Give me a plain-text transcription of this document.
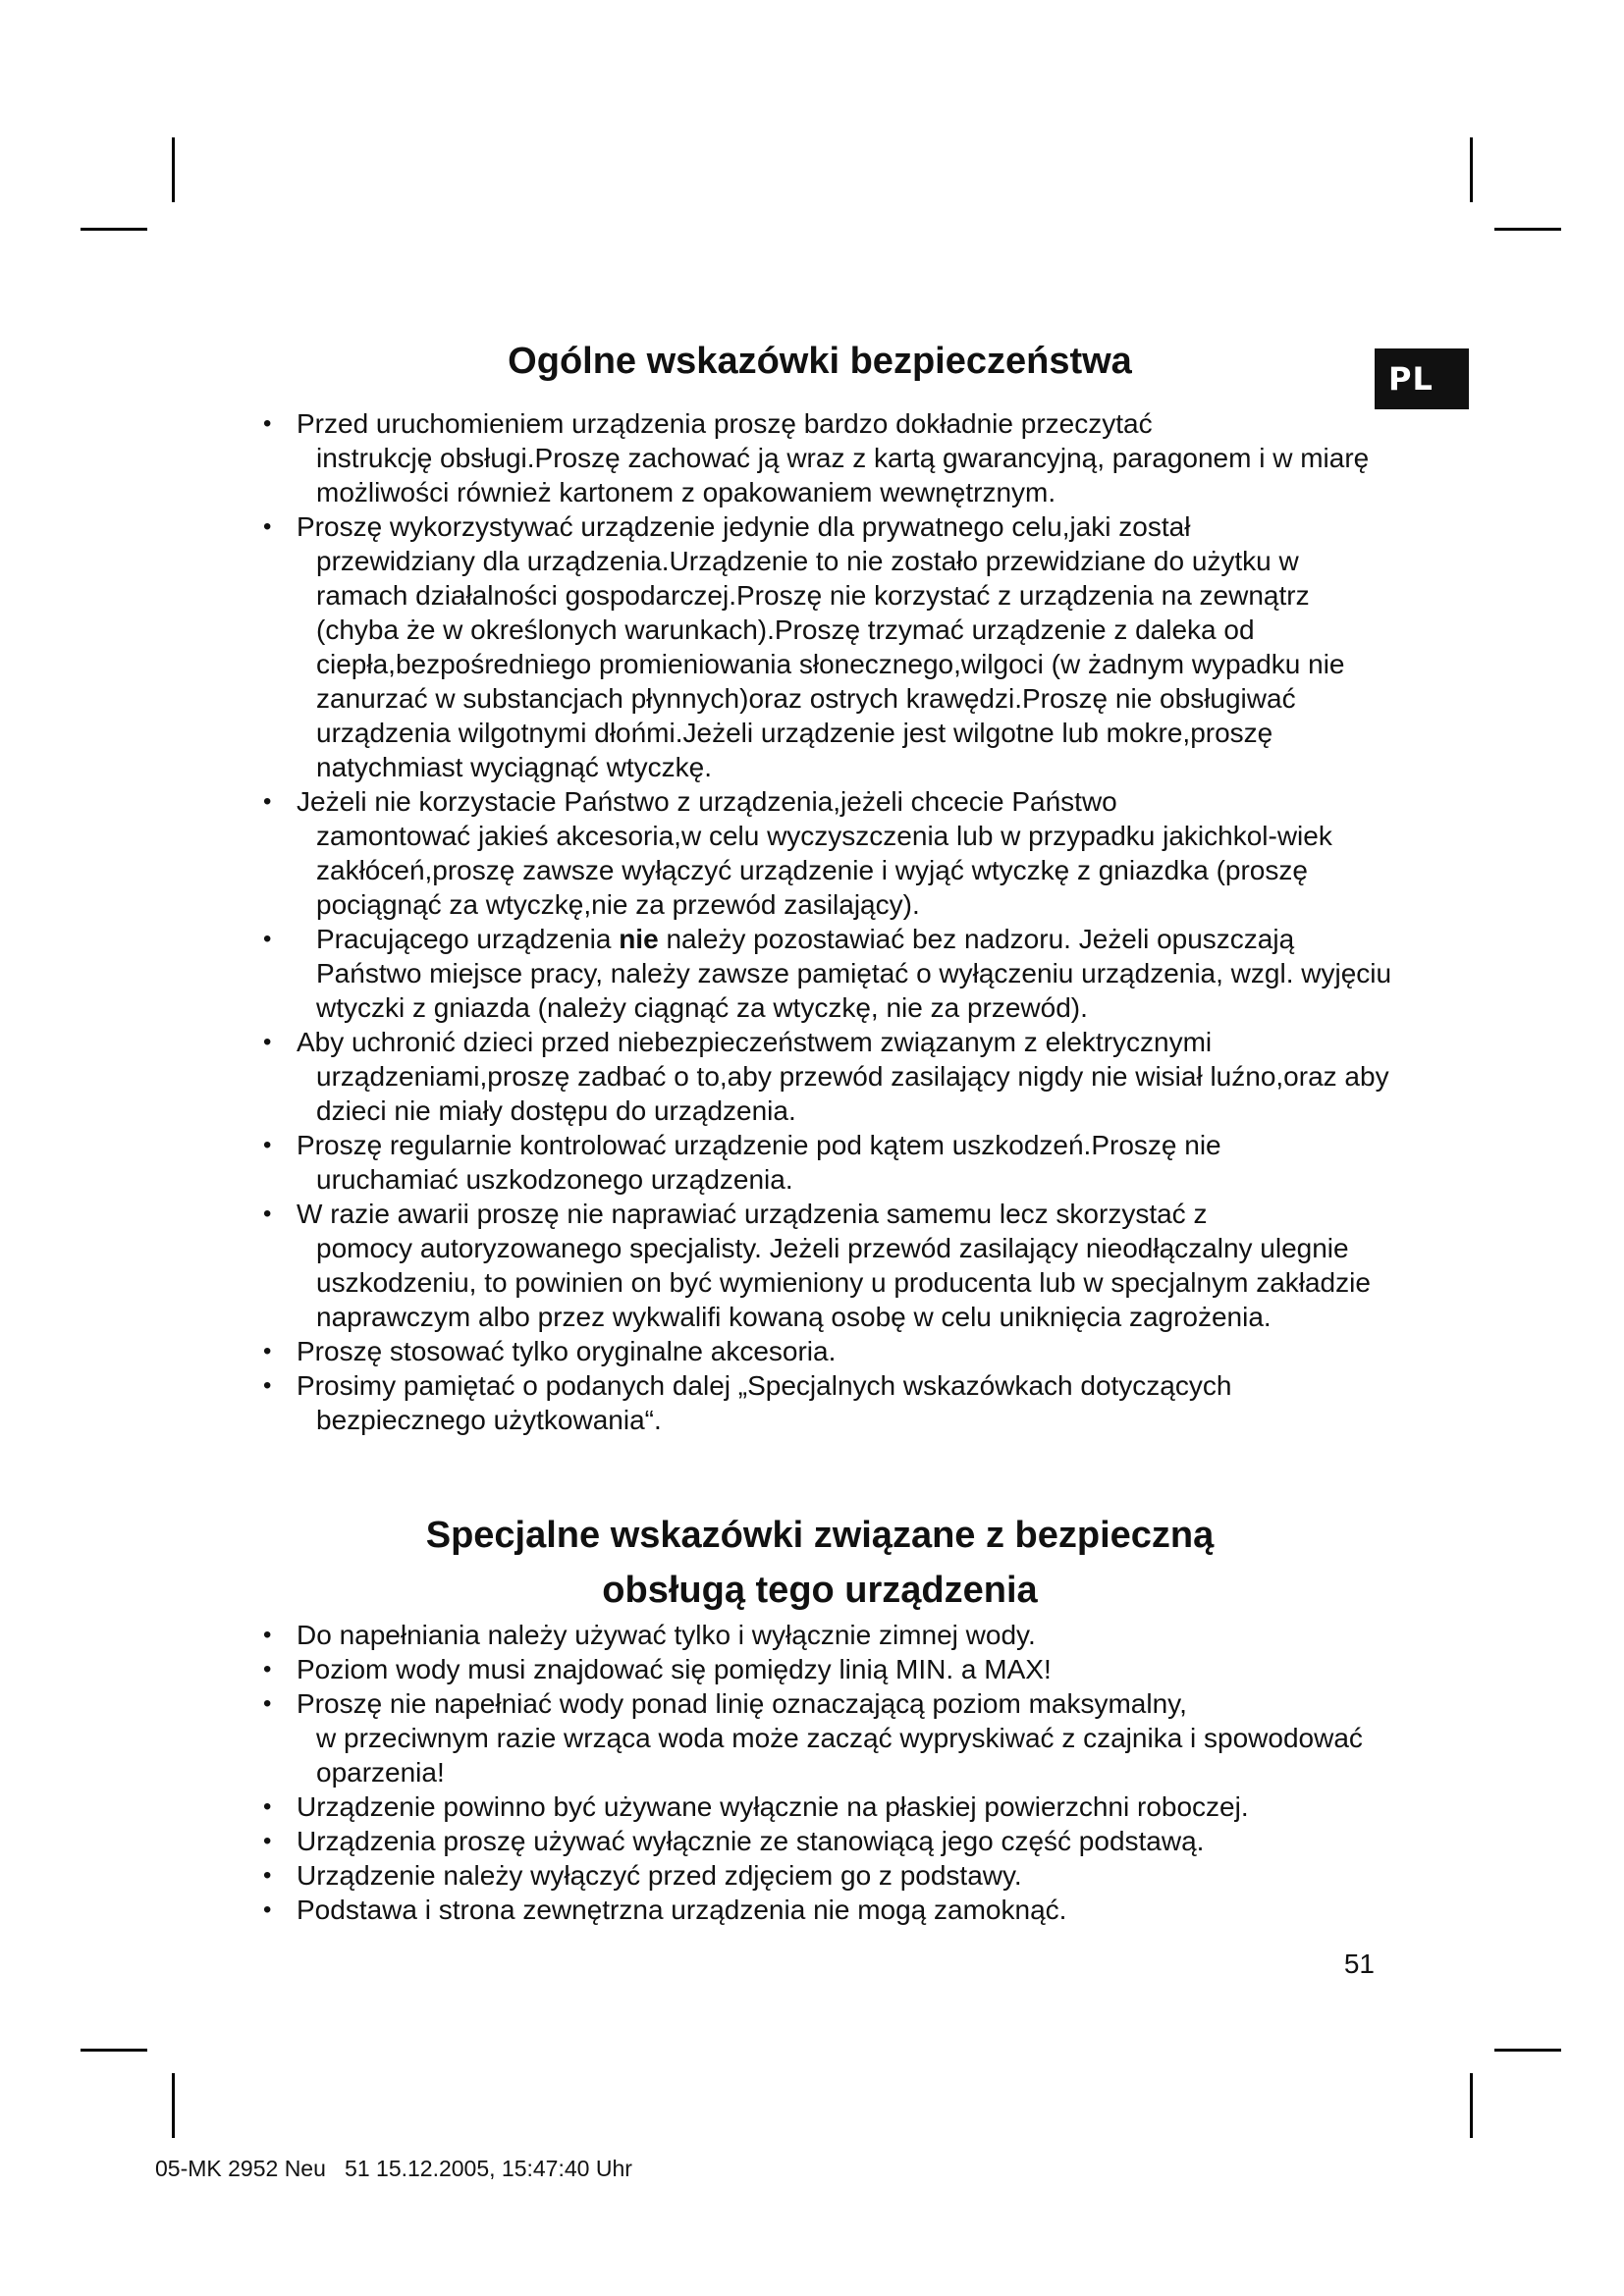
PL
Ogólne wskazówki bezpieczeństwa
• Przed uruchomieniem urządzenia proszę bardzo dokładnie przeczytać
instrukcję obsługi.Proszę zachować ją wraz z kartą gwarancyjną, paragonem i w miarę możliwości również kartonem z opakowaniem wewnętrznym.
• Proszę wykorzystywać urządzenie jedynie dla prywatnego celu,jaki został
przewidziany dla urządzenia.Urządzenie to nie zostało przewidziane do użytku w ramach działalności gospodarczej.Proszę nie korzystać z urządzenia na zewnątrz (chyba że w określonych warunkach).Proszę trzymać urządzenie z daleka od ciepła,bezpośredniego promieniowania słonecznego,wilgoci (w żadnym wypadku nie zanurzać w substancjach płynnych)oraz ostrych krawędzi.Proszę nie obsługiwać urządzenia wilgotnymi dłońmi.Jeżeli urządzenie jest wilgotne lub mokre,proszę natychmiast wyciągnąć wtyczkę.
• Jeżeli nie korzystacie Państwo z urządzenia,jeżeli chcecie Państwo
zamontować jakieś akcesoria,w celu wyczyszczenia lub w przypadku jakichkol-wiek zakłóceń,proszę zawsze wyłączyć urządzenie i wyjąć wtyczkę z gniazdka (proszę pociągnąć za wtyczkę,nie za przewód zasilający).
• Pracującego urządzenia nie należy pozostawiać bez nadzoru. Jeżeli opuszczają
Państwo miejsce pracy, należy zawsze pamiętać o wyłączeniu urządzenia, wzgl. wyjęciu wtyczki z gniazda (należy ciągnąć za wtyczkę, nie za przewód).
• Aby uchronić dzieci przed niebezpieczeństwem związanym z elektrycznymi
urządzeniami,proszę zadbać o to,aby przewód zasilający nigdy nie wisiał luźno,oraz aby dzieci nie miały dostępu do urządzenia.
• Proszę regularnie kontrolować urządzenie pod kątem uszkodzeń.Proszę nie
uruchamiać uszkodzonego urządzenia.
• W razie awarii proszę nie naprawiać urządzenia samemu lecz skorzystać z
pomocy autoryzowanego specjalisty. Jeżeli przewód zasilający nieodłączalny ulegnie uszkodzeniu, to powinien on być wymieniony u producenta lub w specjalnym zakładzie naprawczym albo przez wykwalifi kowaną osobę w celu uniknięcia zagrożenia.
• Proszę stosować tylko oryginalne akcesoria.
• Prosimy pamiętać o podanych dalej „Specjalnych wskazówkach dotyczących
bezpiecznego użytkowania“.
Specjalne wskazówki związane z bezpieczną
obsługą tego urządzenia
• Do napełniania należy używać tylko i wyłącznie zimnej wody.
• Poziom wody musi znajdować się pomiędzy linią MIN. a MAX!
• Proszę nie napełniać wody ponad linię oznaczającą poziom maksymalny,
w przeciwnym razie wrząca woda może zacząć wypryskiwać z czajnika i spowodować oparzenia!
• Urządzenie powinno być używane wyłącznie na płaskiej powierzchni roboczej.
• Urządzenia proszę używać wyłącznie ze stanowiącą jego część podstawą.
• Urządzenie należy wyłączyć przed zdjęciem go z podstawy.
• Podstawa i strona zewnętrzna urządzenia nie mogą zamoknąć.
51
05-MK 2952 Neu   51 15.12.2005, 15:47:40 Uhr
